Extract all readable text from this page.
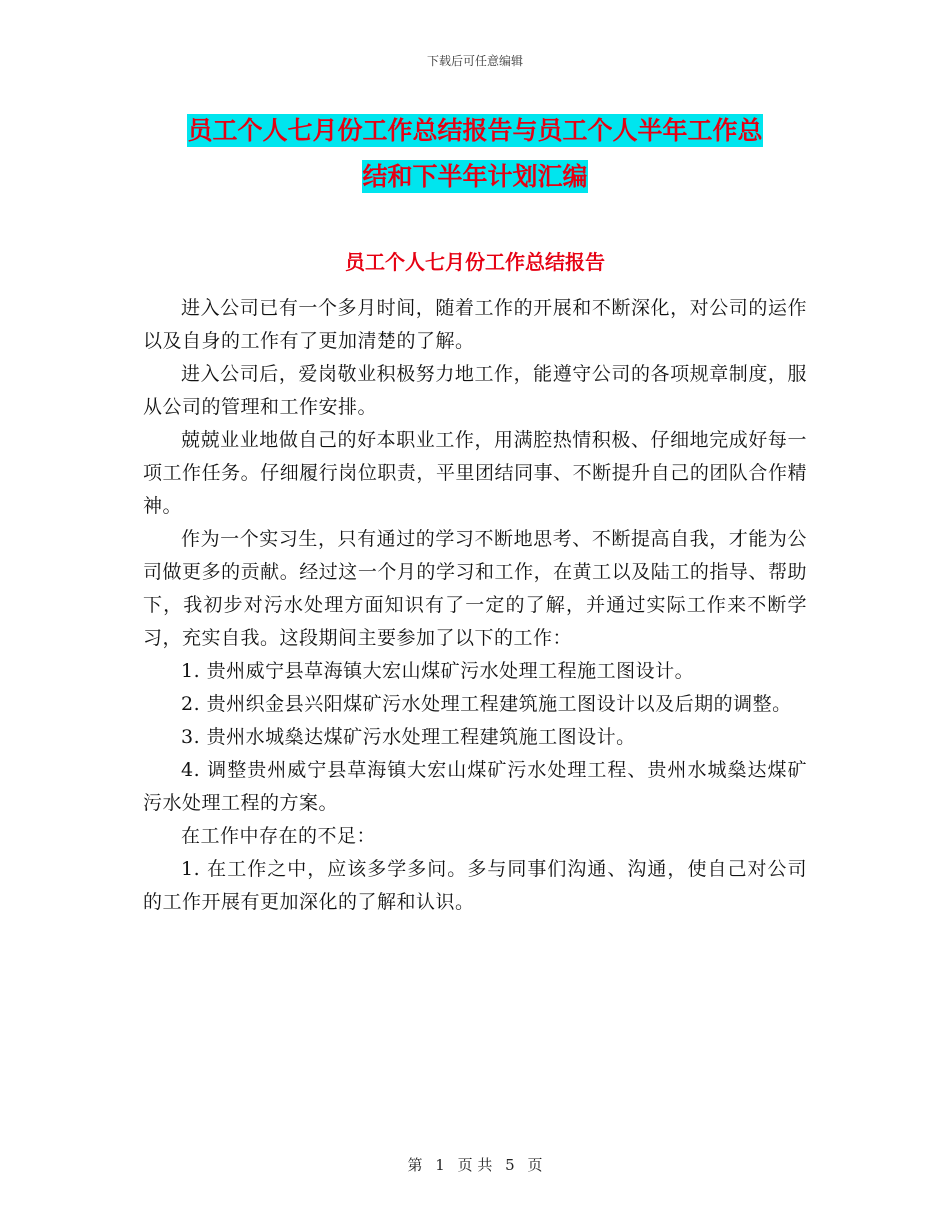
下载后可任意编辑
员工个人七月份工作总结报告与员工个人半年工作总
结和下半年计划汇编
员工个人七月份工作总结报告

进入公司已有一个多月时间，随着工作的开展和不断深化，对公司的运作以及自身的工作有了更加清楚的了解。

进入公司后，爱岗敬业积极努力地工作，能遵守公司的各项规章制度，服从公司的管理和工作安排。

兢兢业业地做自己的好本职业工作，用满腔热情积极、仔细地完成好每一项工作任务。仔细履行岗位职责，平里团结同事、不断提升自己的团队合作精神。

作为一个实习生，只有通过的学习不断地思考、不断提高自我，才能为公司做更多的贡献。经过这一个月的学习和工作，在黄工以及陆工的指导、帮助下，我初步对污水处理方面知识有了一定的了解，并通过实际工作来不断学习，充实自我。这段期间主要参加了以下的工作：

1. 贵州威宁县草海镇大宏山煤矿污水处理工程施工图设计。

2. 贵州织金县兴阳煤矿污水处理工程建筑施工图设计以及后期的调整。

3. 贵州水城燊达煤矿污水处理工程建筑施工图设计。

4. 调整贵州威宁县草海镇大宏山煤矿污水处理工程、贵州水城燊达煤矿污水处理工程的方案。

在工作中存在的不足：

1. 在工作之中，应该多学多问。多与同事们沟通、沟通，使自己对公司的工作开展有更加深化的了解和认识。

第 1 页 共 5 页
